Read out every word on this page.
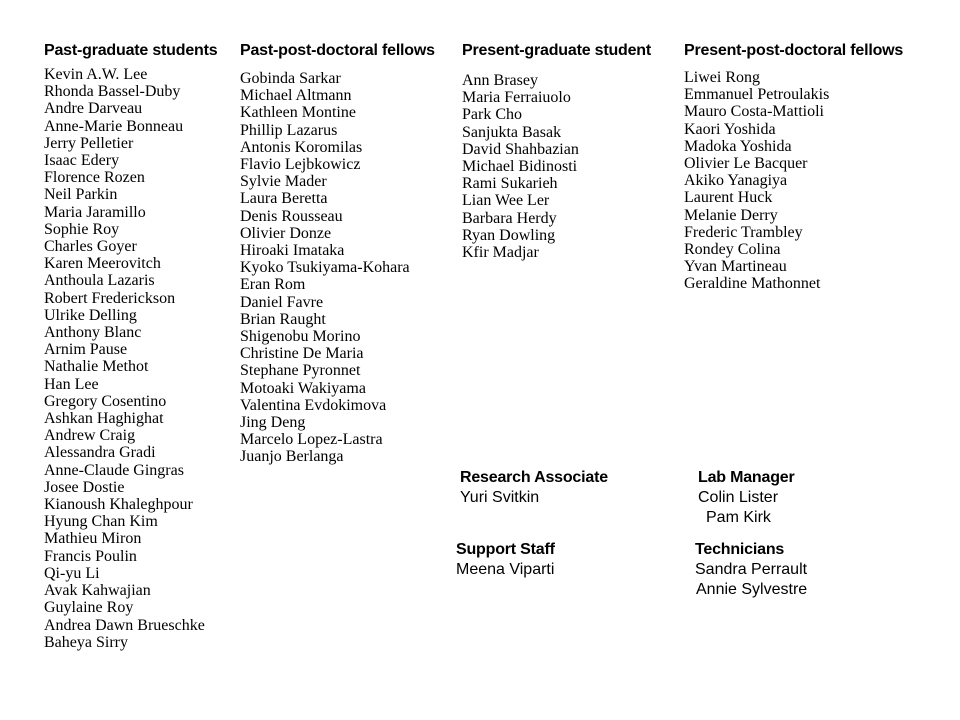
Past-graduate students
Kevin A.W. Lee
Rhonda Bassel-Duby
Andre Darveau
Anne-Marie Bonneau
Jerry Pelletier
Isaac Edery
Florence Rozen
Neil Parkin
Maria Jaramillo
Sophie Roy
Charles Goyer
Karen Meerovitch
Anthoula Lazaris
Robert Frederickson
Ulrike Delling
Anthony Blanc
Arnim Pause
Nathalie Methot
Han Lee
Gregory Cosentino
Ashkan Haghighat
Andrew Craig
Alessandra Gradi
Anne-Claude Gingras
Josee Dostie
Kianoush Khaleghpour
Hyung Chan Kim
Mathieu Miron
Francis Poulin
Qi-yu Li
Avak Kahwajian
Guylaine Roy
Andrea Dawn Brueschke
Baheya Sirry
Past-post-doctoral fellows
Gobinda Sarkar
Michael Altmann
Kathleen Montine
Phillip Lazarus
Antonis Koromilas
Flavio Lejbkowicz
Sylvie Mader
Laura Beretta
Denis Rousseau
Olivier Donze
Hiroaki Imataka
Kyoko Tsukiyama-Kohara
Eran Rom
Daniel Favre
Brian Raught
Shigenobu Morino
Christine De Maria
Stephane Pyronnet
Motoaki Wakiyama
Valentina Evdokimova
Jing Deng
Marcelo Lopez-Lastra
Juanjo Berlanga
Present-graduate student
Ann Brasey
Maria Ferraiuolo
Park Cho
Sanjukta Basak
David Shahbazian
Michael Bidinosti
Rami Sukarieh
Lian Wee Ler
Barbara Herdy
Ryan Dowling
Kfir Madjar
Present-post-doctoral fellows
Liwei Rong
Emmanuel Petroulakis
Mauro Costa-Mattioli
Kaori Yoshida
Madoka Yoshida
Olivier Le Bacquer
Akiko Yanagiya
Laurent Huck
Melanie Derry
Frederic Trambley
Rondey Colina
Yvan Martineau
Geraldine Mathonnet
Research Associate
Yuri Svitkin
Lab Manager
Colin Lister
Pam Kirk
Support Staff
Meena Viparti
Technicians
Sandra Perrault
Annie Sylvestre
